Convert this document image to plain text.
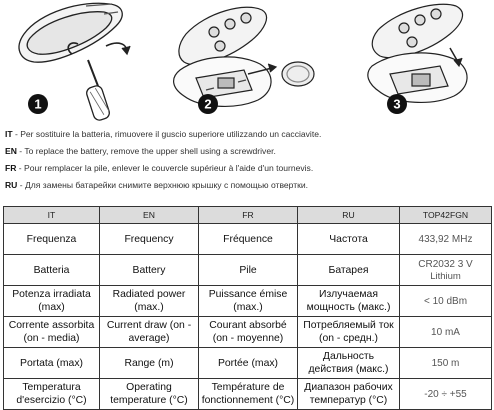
1	2	3
IT - Per sostituire la batteria, rimuovere il guscio superiore utilizzando un cacciavite.
EN - To replace the battery, remove the upper shell using a screwdriver.
FR - Pour remplacer la pile, enlever le couvercle supérieur à l'aide d'un tournevis.
RU - Для замены батарейки снимите верхнюю крышку с помощью отвертки.
IT	EN	FR	RU	TOP42FGN
Frequenza	Frequency	Fréquence	Частота	433,92 MHz
Batteria	Battery	Pile	Батарея	CR2032 3 V
Lithium

Potenza irradiata (max)	Radiated power (max.)	Puissance émise (max.)	Излучаемая мощность (макс.)	< 10 dBm
Corrente assorbita (on - media)	Current draw (on - average)	Courant absorbé (on - moyenne)	Потребляемый ток (on - средн.)	10 mA
Portata (max)	Range (m)	Portée (max)	Дальность действия (макс.)	150 m
Temperatura d'esercizio (°C)	Operating temperature (°C)	Température de fonctionnement (°C)	Диапазон рабочих температур (°C)	-20 ÷ +55
